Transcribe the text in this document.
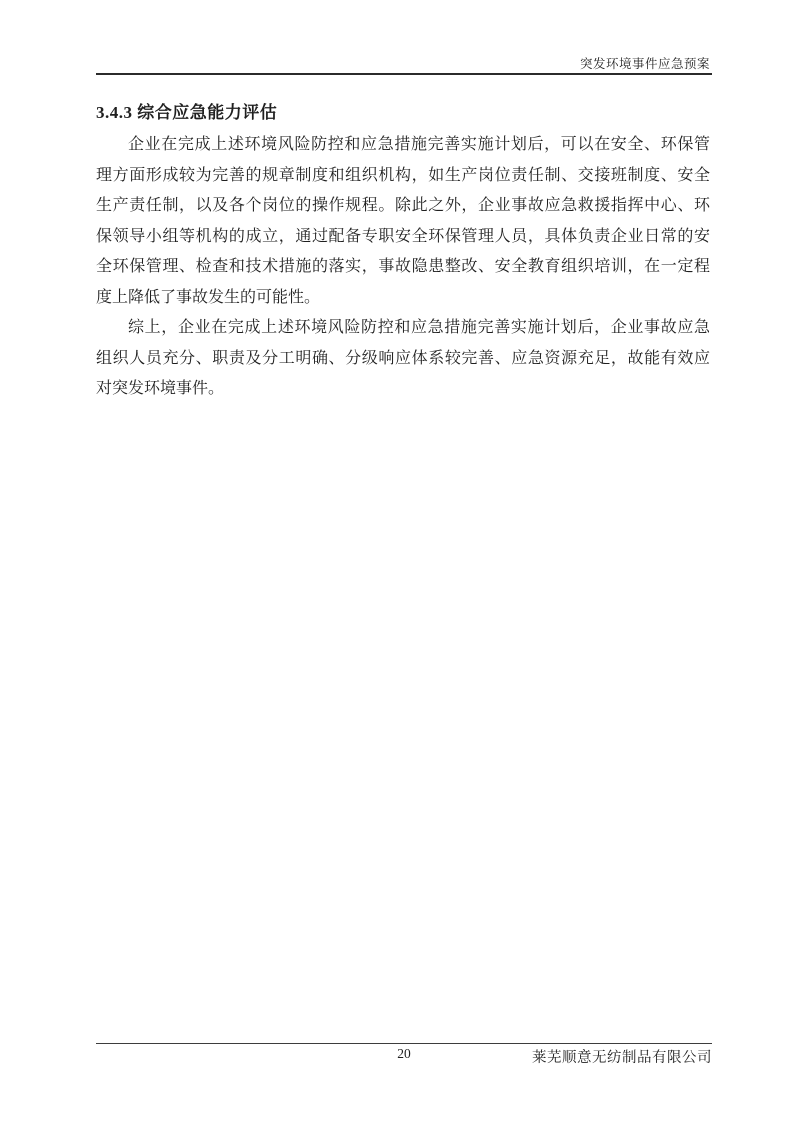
突发环境事件应急预案
3.4.3 综合应急能力评估
企业在完成上述环境风险防控和应急措施完善实施计划后，可以在安全、环保管
理方面形成较为完善的规章制度和组织机构，如生产岗位责任制、交接班制度、安全
生产责任制，以及各个岗位的操作规程。除此之外，企业事故应急救援指挥中心、环
保领导小组等机构的成立，通过配备专职安全环保管理人员，具体负责企业日常的安
全环保管理、检查和技术措施的落实，事故隐患整改、安全教育组织培训，在一定程
度上降低了事故发生的可能性。
综上，企业在完成上述环境风险防控和应急措施完善实施计划后，企业事故应急
组织人员充分、职责及分工明确、分级响应体系较完善、应急资源充足，故能有效应
对突发环境事件。
20	莱芜顺意无纺制品有限公司
